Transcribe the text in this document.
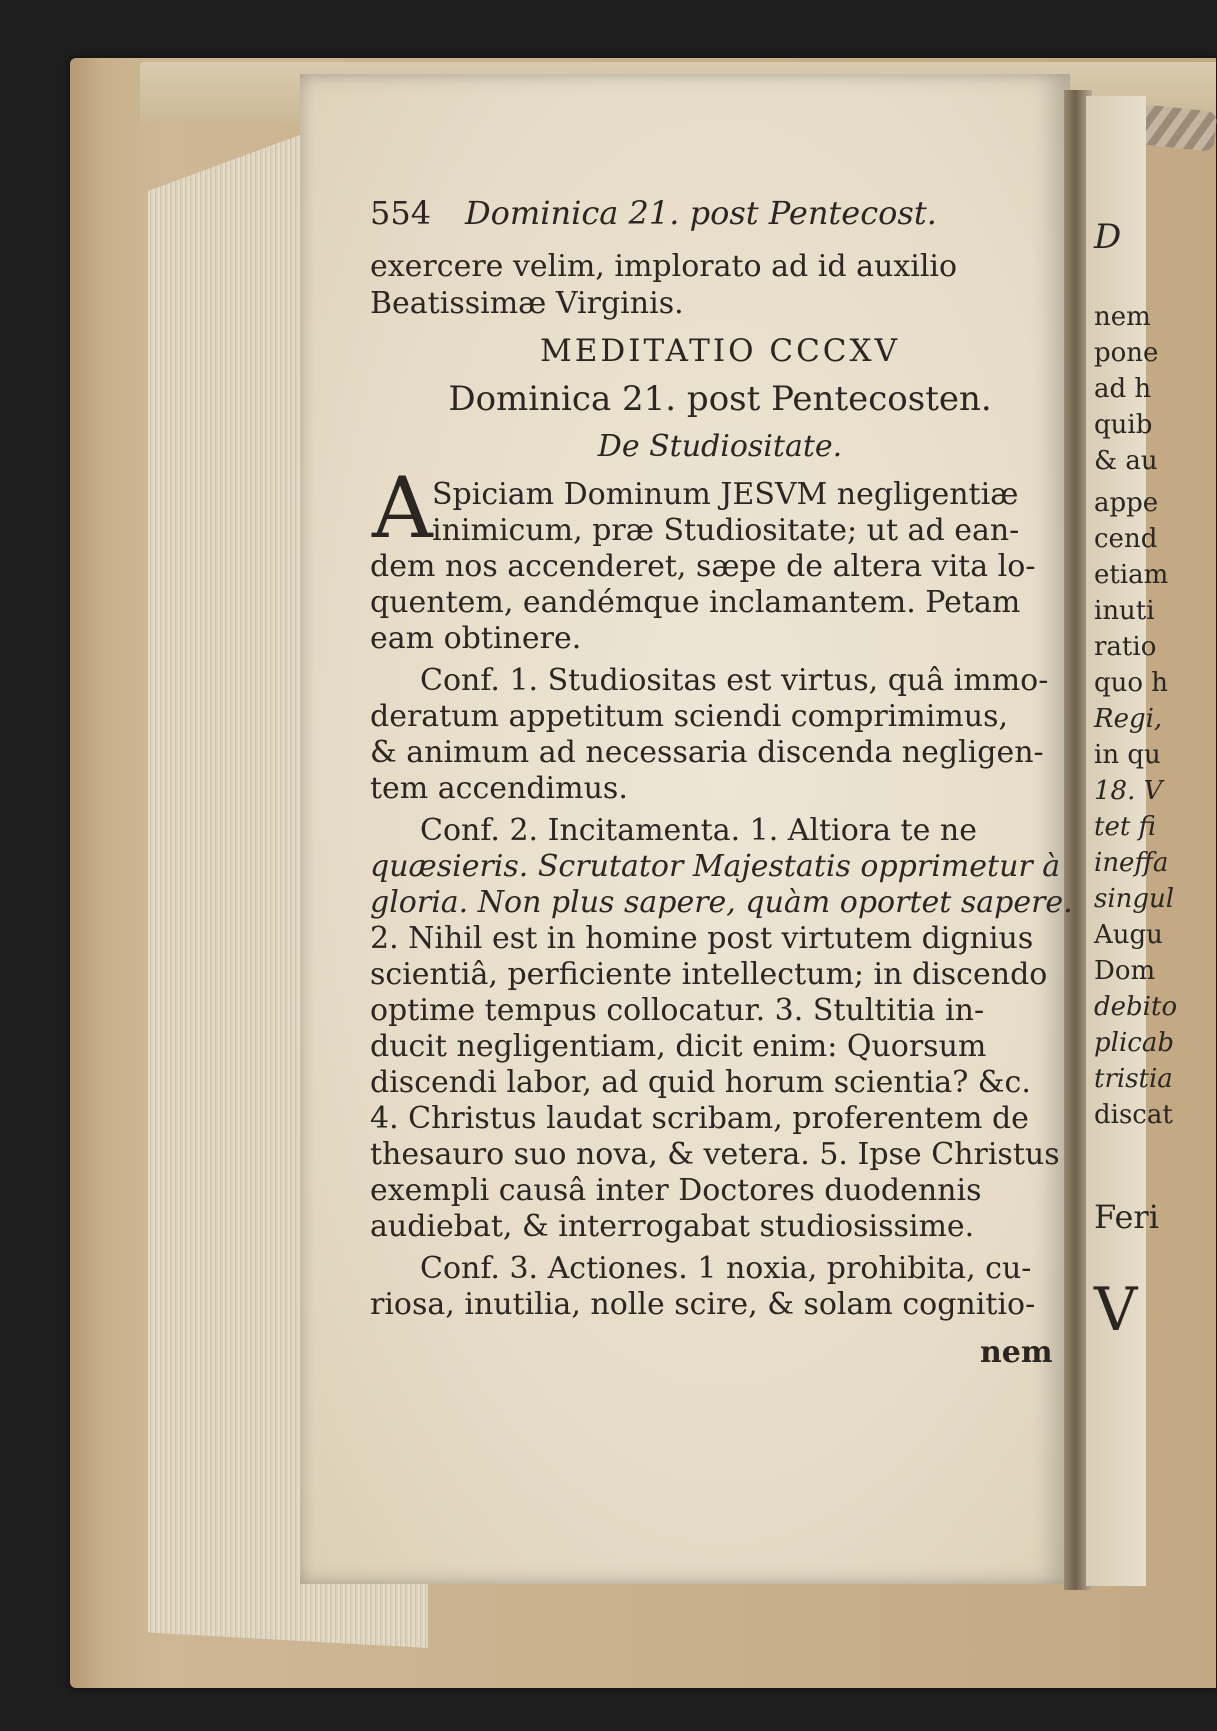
554 Dominica 21. post Pentecost.
exercere velim, implorato ad id auxilio
Beatissimæ Virginis.
MEDITATIO CCCXV
Dominica 21. post Pentecosten.
De Studiositate.
A Spiciam Dominum JESVM negligentiæ
inimicum, præ Studiositate; ut ad ean-
dem nos accenderet, sæpe de altera vita lo-
quentem, eandémque inclamantem. Petam
eam obtinere.
Conf. 1. Studiositas est virtus, quâ immo-
deratum appetitum sciendi comprimimus,
& animum ad necessaria discenda negligen-
tem accendimus.
Conf. 2. Incitamenta. 1. Altiora te ne
quæsieris. Scrutator Majestatis opprimetur à
gloria. Non plus sapere, quàm oportet sapere.
2. Nihil est in homine post virtutem dignius
scientiâ, perficiente intellectum; in discendo
optime tempus collocatur. 3. Stultitia in-
ducit negligentiam, dicit enim: Quorsum
discendi labor, ad quid horum scientia? &c.
4. Christus laudat scribam, proferentem de
thesauro suo nova, & vetera. 5. Ipse Christus
exempli causâ inter Doctores duodennis
audiebat, & interrogabat studiosissime.
Conf. 3. Actiones. 1 noxia, prohibita, cu-
riosa, inutilia, nolle scire, & solam cognitio-
nem
D
nem
pone
ad h
quib
& au
appe
cend
etiam
inuti
ratio
quo h
Regi,
in qu
18. V
tet fi
ineffa
singul
Augu
Dom
debito
plicab
tristia
discat
Feri
V
